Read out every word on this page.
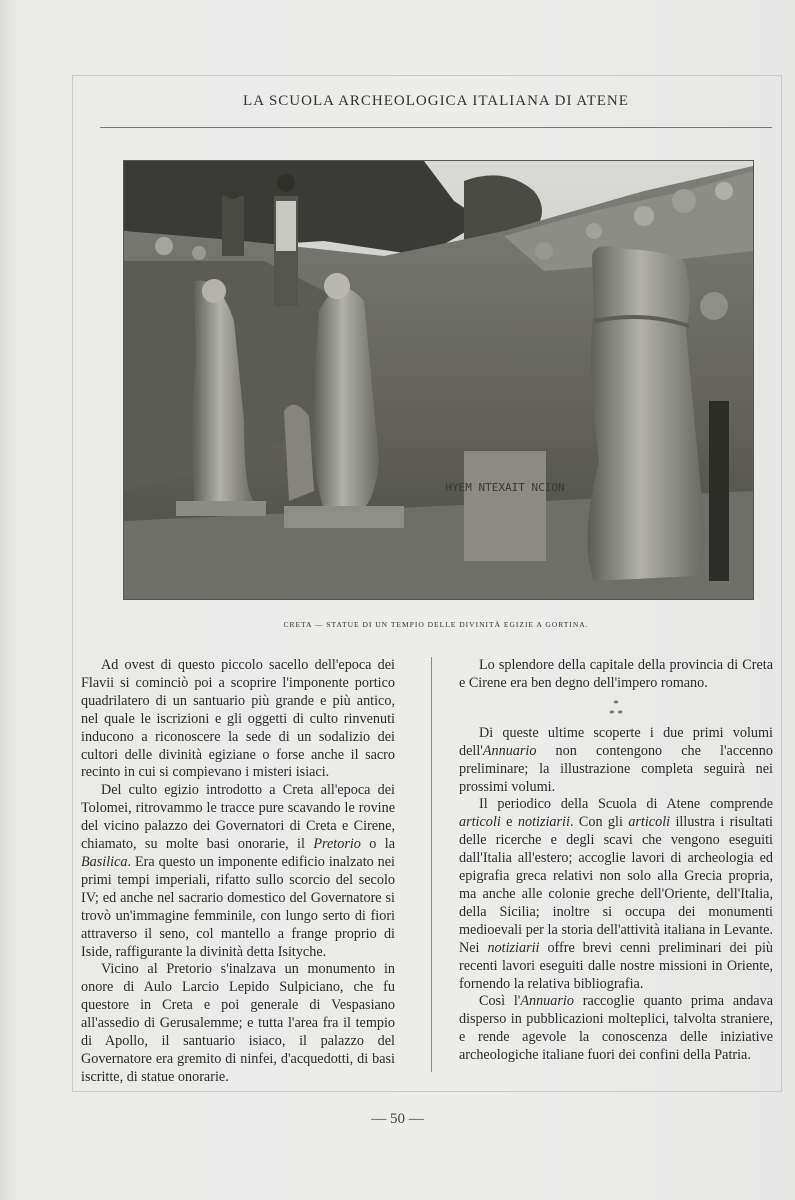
LA SCUOLA ARCHEOLOGICA ITALIANA DI ATENE
HYEM NTEXAIT NCION
CRETA — STATUE DI UN TEMPIO DELLE DIVINITÀ EGIZIE A GORTINA.

Ad ovest di questo piccolo sacello dell'epoca dei Flavii si cominciò poi a scoprire l'imponente portico quadrilatero di un santuario più grande e più antico, nel quale le iscrizioni e gli oggetti di culto rinvenuti inducono a riconoscere la sede di un sodalizio dei cultori delle divinità egiziane o forse anche il sacro recinto in cui si compievano i misteri isiaci.

Del culto egizio introdotto a Creta all'epoca dei Tolomei, ritrovammo le tracce pure scavando le rovine del vicino palazzo dei Governatori di Creta e Cirene, chiamato, su molte basi onorarie, il Pretorio o la Basilica. Era questo un imponente edificio inalzato nei primi tempi imperiali, rifatto sullo scorcio del secolo IV; ed anche nel sacrario domestico del Governatore si trovò un'immagine femminile, con lungo serto di fiori attraverso il seno, col mantello a frange proprio di Iside, raffigurante la divinità detta Isityche.

Vicino al Pretorio s'inalzava un monumento in onore di Aulo Larcio Lepido Sulpiciano, che fu questore in Creta e poi generale di Vespasiano all'assedio di Gerusalemme; e tutta l'area fra il tempio di Apollo, il santuario isiaco, il palazzo del Governatore era gremito di ninfei, d'acquedotti, di basi iscritte, di statue onorarie.

Lo splendore della capitale della provincia di Creta e Cirene era ben degno dell'impero romano.

*
* *

Di queste ultime scoperte i due primi volumi dell'Annuario non contengono che l'accenno preliminare; la illustrazione completa seguirà nei prossimi volumi.

Il periodico della Scuola di Atene comprende articoli e notiziarii. Con gli articoli illustra i risultati delle ricerche e degli scavi che vengono eseguiti dall'Italia all'estero; accoglie lavori di archeologia ed epigrafia greca relativi non solo alla Grecia propria, ma anche alle colonie greche dell'Oriente, dell'Italia, della Sicilia; inoltre si occupa dei monumenti medioevali per la storia dell'attività italiana in Levante. Nei notiziarii offre brevi cenni preliminari dei più recenti lavori eseguiti dalle nostre missioni in Oriente, fornendo la relativa bibliografia.

Così l'Annuario raccoglie quanto prima andava disperso in pubblicazioni molteplici, talvolta straniere, e rende agevole la conoscenza delle iniziative archeologiche italiane fuori dei confini della Patria.

— 50 —
